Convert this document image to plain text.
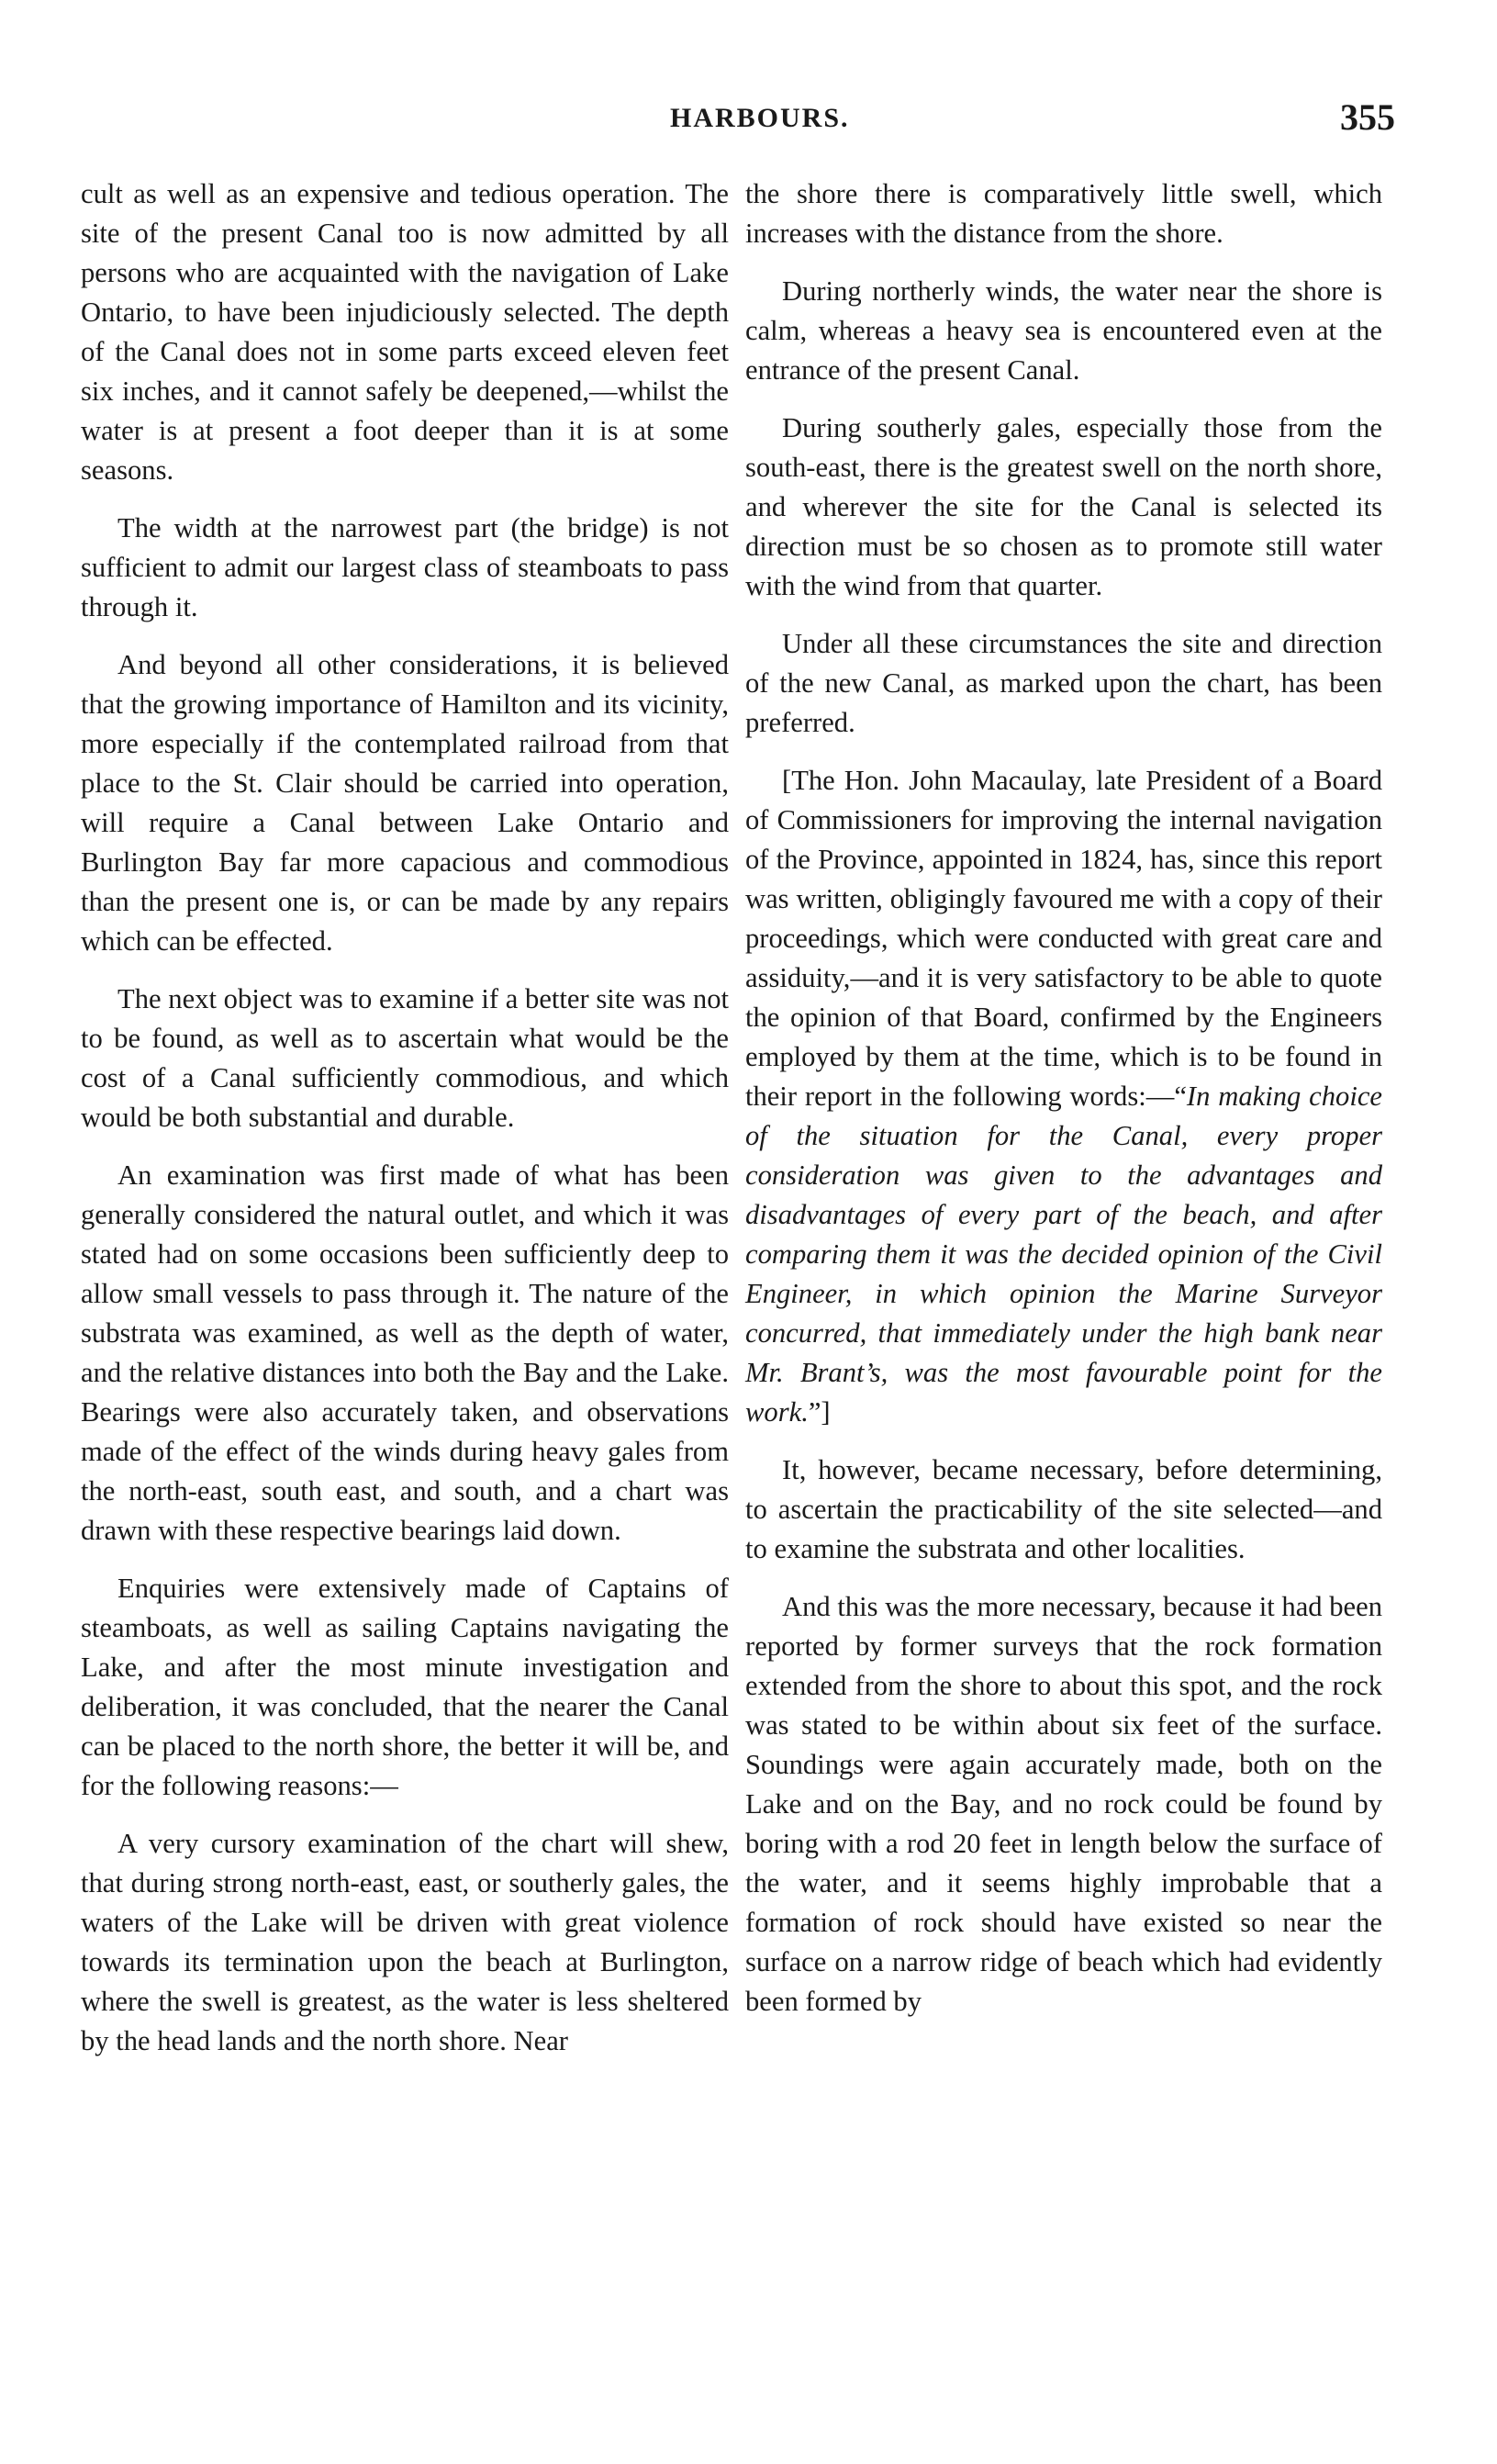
HARBOURS.	355

cult as well as an expensive and tedious operation. The site of the present Canal too is now admitted by all persons who are acquainted with the navigation of Lake Ontario, to have been injudiciously selected. The depth of the Canal does not in some parts exceed eleven feet six inches, and it cannot safely be deepened,—whilst the water is at present a foot deeper than it is at some seasons.

The width at the narrowest part (the bridge) is not sufficient to admit our largest class of steamboats to pass through it.

And beyond all other considerations, it is believed that the growing importance of Hamilton and its vicinity, more especially if the contemplated railroad from that place to the St. Clair should be carried into operation, will require a Canal between Lake Ontario and Burlington Bay far more capacious and commodious than the present one is, or can be made by any repairs which can be effected.

The next object was to examine if a better site was not to be found, as well as to ascertain what would be the cost of a Canal sufficiently commodious, and which would be both substantial and durable.

An examination was first made of what has been generally considered the natural outlet, and which it was stated had on some occasions been sufficiently deep to allow small vessels to pass through it. The nature of the substrata was examined, as well as the depth of water, and the relative distances into both the Bay and the Lake. Bearings were also accurately taken, and observations made of the effect of the winds during heavy gales from the north-east, south east, and south, and a chart was drawn with these respective bearings laid down.

Enquiries were extensively made of Captains of steamboats, as well as sailing Captains navigating the Lake, and after the most minute investigation and deliberation, it was concluded, that the nearer the Canal can be placed to the north shore, the better it will be, and for the following reasons:—

A very cursory examination of the chart will shew, that during strong north-east, east, or southerly gales, the waters of the Lake will be driven with great violence towards its termination upon the beach at Burlington, where the swell is greatest, as the water is less sheltered by the head lands and the north shore. Near

the shore there is comparatively little swell, which increases with the distance from the shore.

During northerly winds, the water near the shore is calm, whereas a heavy sea is encountered even at the entrance of the present Canal.

During southerly gales, especially those from the south-east, there is the greatest swell on the north shore, and wherever the site for the Canal is selected its direction must be so chosen as to promote still water with the wind from that quarter.

Under all these circumstances the site and direction of the new Canal, as marked upon the chart, has been preferred.

[The Hon. John Macaulay, late President of a Board of Commissioners for improving the internal navigation of the Province, appointed in 1824, has, since this report was written, obligingly favoured me with a copy of their proceedings, which were conducted with great care and assiduity,—and it is very satisfactory to be able to quote the opinion of that Board, confirmed by the Engineers employed by them at the time, which is to be found in their report in the following words:—“In making choice of the situation for the Canal, every proper consideration was given to the advantages and disadvantages of every part of the beach, and after comparing them it was the decided opinion of the Civil Engineer, in which opinion the Marine Surveyor concurred, that immediately under the high bank near Mr. Brant’s, was the most favourable point for the work.”]

It, however, became necessary, before determining, to ascertain the practicability of the site selected—and to examine the substrata and other localities.

And this was the more necessary, because it had been reported by former surveys that the rock formation extended from the shore to about this spot, and the rock was stated to be within about six feet of the surface. Soundings were again accurately made, both on the Lake and on the Bay, and no rock could be found by boring with a rod 20 feet in length below the surface of the water, and it seems highly improbable that a formation of rock should have existed so near the surface on a narrow ridge of beach which had evidently been formed by
